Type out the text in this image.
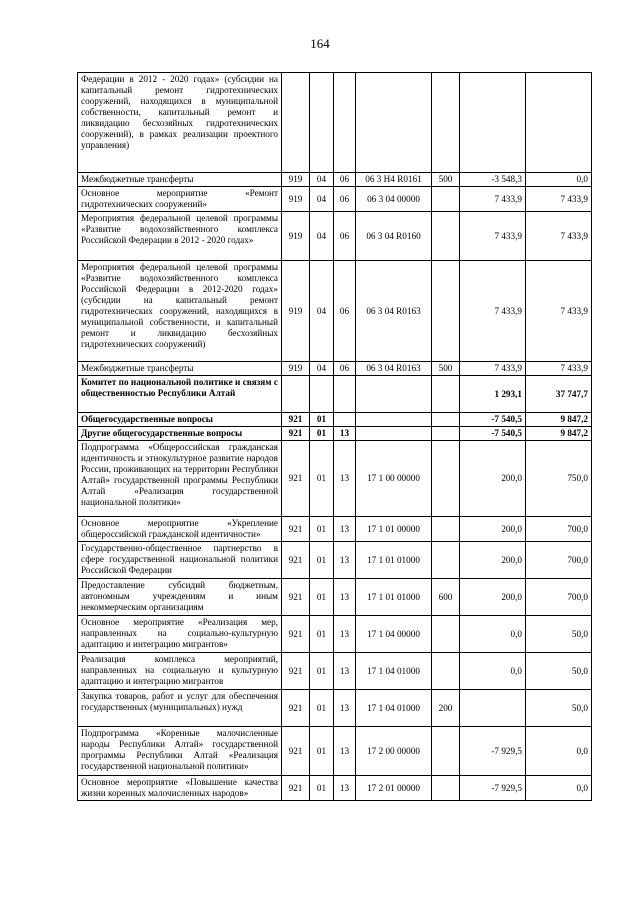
164
Федерации в 2012 - 2020 годах» (субсидии на капитальный ремонт гидротехнических сооружений, находящихся в муниципальной собственности, капитальный ремонт и ликвидацию бесхозяйных гидротехнических сооружений), в рамках реализации проектного управления)							
Межбюджетные трансферты	919	04	06	06 3 Н4 R0161	500	-3 548,3	0,0
Основное мероприятие «Ремонт гидротехнических сооружений»	919	04	06	06 3 04 00000		7 433,9	7 433,9
Мероприятия федеральной целевой программы «Развитие водохозяйственного комплекса Российской Федерации в 2012 - 2020 годах»	919	04	06	06 3 04 R0160		7 433,9	7 433,9
Мероприятия федеральной целевой программы «Развитие водохозяйственного комплекса Российской Федерации в 2012-2020 годах» (субсидии на капитальный ремонт гидротехнических сооружений, находящихся в муниципальной собственности, и капитальный ремонт и ликвидацию бесхозяйных гидротехнических сооружений)	919	04	06	06 3 04 R0163		7 433,9	7 433,9
Межбюджетные трансферты	919	04	06	06 3 04 R0163	500	7 433,9	7 433,9
Комитет по национальной политике и связям с общественностью Республики Алтай						1 293,1	37 747,7
Общегосударственные вопросы	921	01				-7 540,5	9 847,2
Другие общегосударственные вопросы	921	01	13			-7 540,5	9 847,2
Подпрограмма «Общероссийская гражданская идентичность и этнокультурное развитие народов России, проживающих на территории Республики Алтай» государственной программы Республики Алтай «Реализация государственной национальной политики»	921	01	13	17 1 00 00000		200,0	750,0
Основное мероприятие «Укрепление общероссийской гражданской идентичности»	921	01	13	17 1 01 00000		200,0	700,0
Государственно-общественное партнерство в сфере государственной национальной политики Российской Федерации	921	01	13	17 1 01 01000		200,0	700,0
Предоставление субсидий бюджетным, автономным учреждениям и иным некоммерческим организациям	921	01	13	17 1 01 01000	600	200,0	700,0
Основное мероприятие «Реализация мер, направленных на социально-культурную адаптацию и интеграцию мигрантов»	921	01	13	17 1 04 00000		0,0	50,0
Реализация комплекса мероприятий, направленных на социальную и культурную адаптацию и интеграцию мигрантов	921	01	13	17 1 04 01000		0,0	50,0
Закупка товаров, работ и услуг для обеспечения государственных (муниципальных) нужд	921	01	13	17 1 04 01000	200		50,0
Подпрограмма «Коренные малочисленные народы Республики Алтай» государственной программы Республики Алтай «Реализация государственной национальной политики»	921	01	13	17 2 00 00000		-7 929,5	0,0
Основное мероприятие «Повышение качества жизни коренных малочисленных народов»	921	01	13	17 2 01 00000		-7 929,5	0,0
